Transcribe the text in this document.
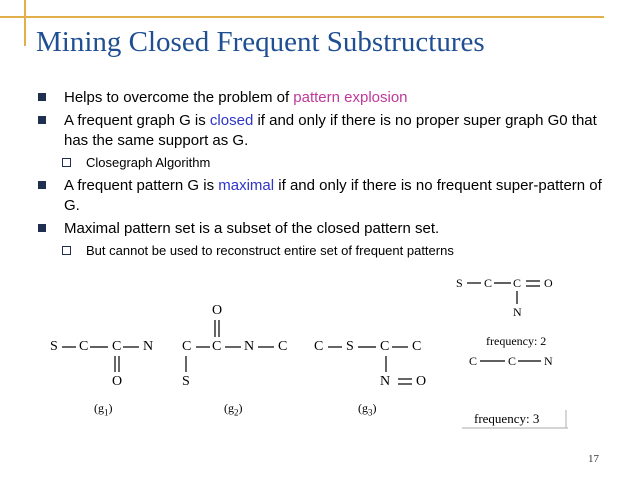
Mining Closed Frequent Substructures
Helps to overcome the problem of pattern explosion
A frequent graph G is closed if and only if there is no proper super graph G0 that has the same support as G.
Closegraph Algorithm
A frequent pattern G is maximal if and only if there is no frequent super-pattern of G.
Maximal pattern set is a subset of the closed pattern set.
But cannot be used to reconstruct entire set of frequent patterns
S C C N
O
$(g_1)$
O
C C N C
S
$(g_2)$
C S C C
N O
$(g_3)$
S C C O
N
frequency: 2
C	C N
frequency: 3
17
